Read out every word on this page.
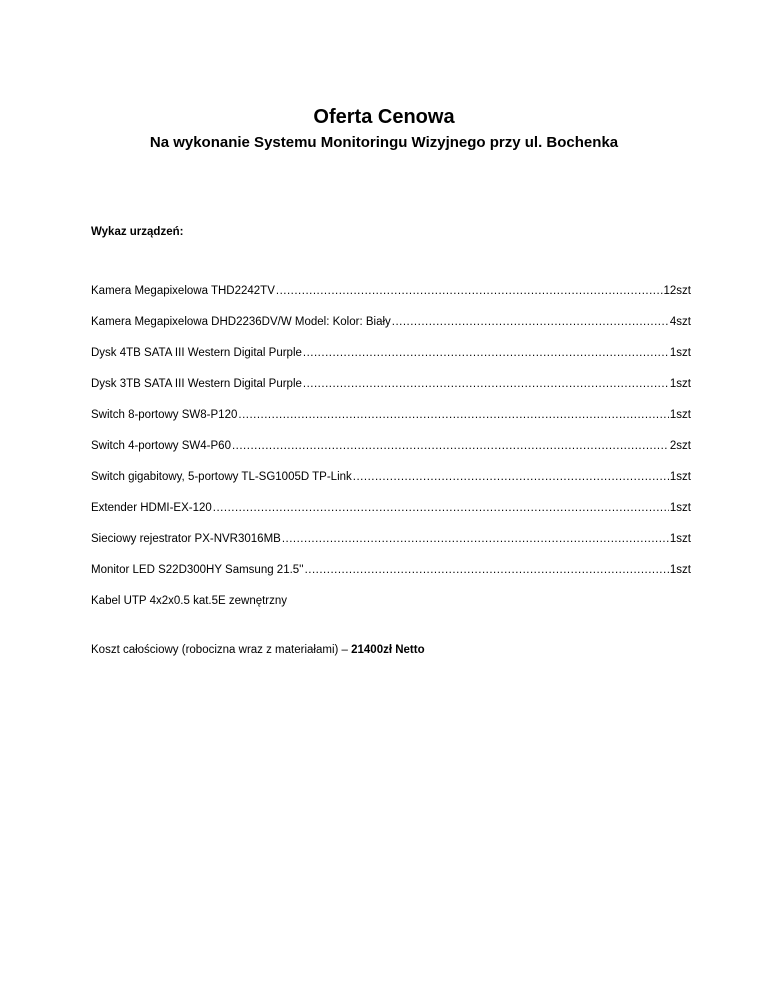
Oferta Cenowa
Na wykonanie Systemu Monitoringu Wizyjnego przy ul. Bochenka
Wykaz urządzeń:
Kamera Megapixelowa THD2242TV .....	12szt
Kamera Megapixelowa DHD2236DV/W Model: Kolor: Biały .....	4szt
Dysk 4TB SATA III Western Digital Purple .....	1szt
Dysk 3TB SATA III Western Digital Purple .....	1szt
Switch 8-portowy SW8-P120 .....	1szt
Switch 4-portowy SW4-P60 .....	2szt
Switch gigabitowy, 5-portowy TL-SG1005D TP-Link .....	1szt
Extender HDMI-EX-120 .....	1szt
Sieciowy rejestrator PX-NVR3016MB .....	1szt
Monitor LED S22D300HY Samsung 21.5'' .....	1szt
Kabel UTP 4x2x0.5 kat.5E zewnętrzny
Koszt całościowy (robocizna wraz z materiałami) – 21400zł Netto
